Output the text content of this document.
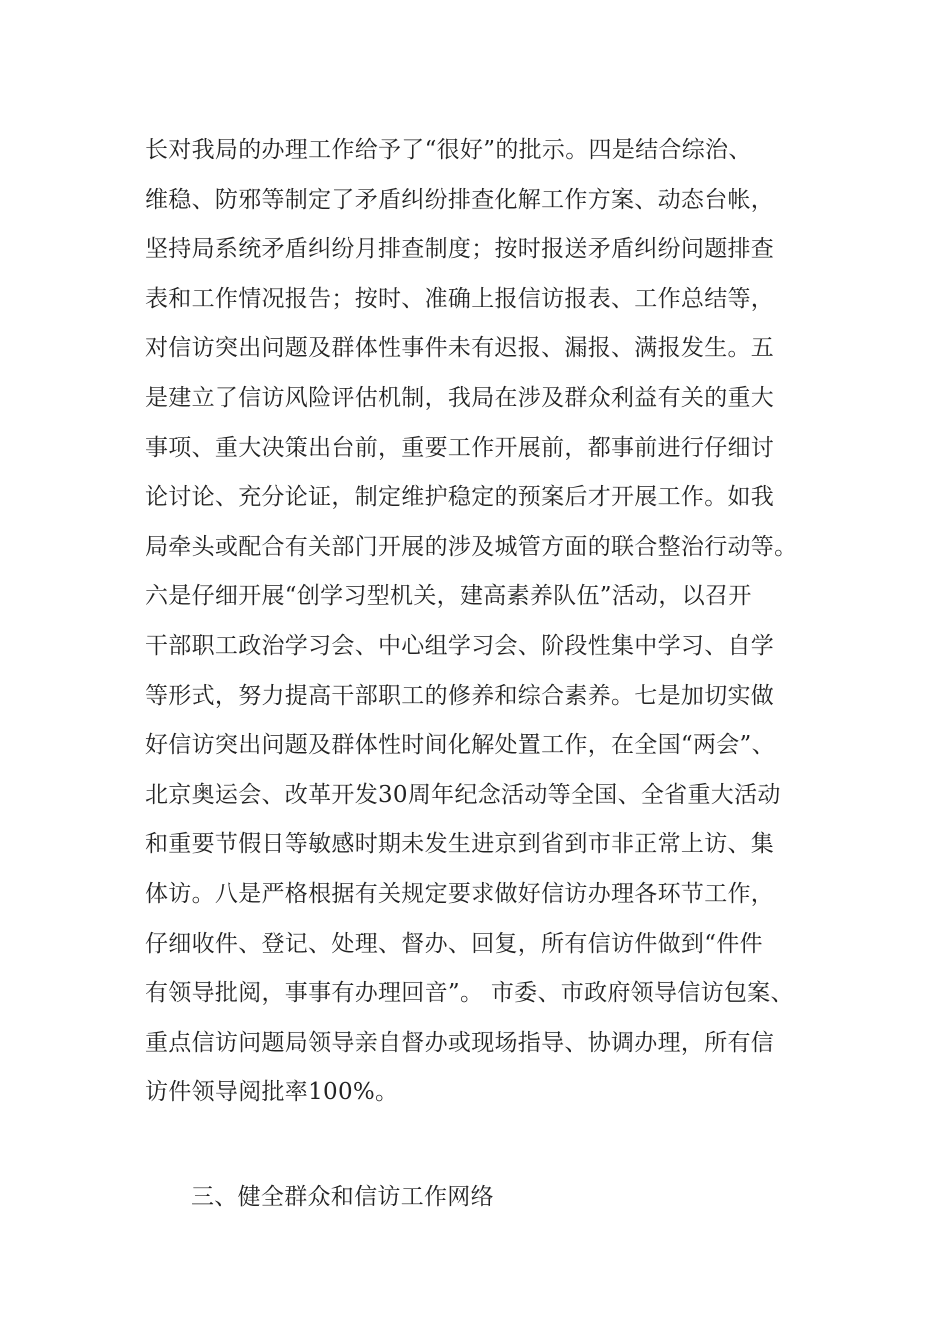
长对我局的办理工作给予了“很好”的批示。四是结合综治、
维稳、防邪等制定了矛盾纠纷排查化解工作方案、动态台帐，
坚持局系统矛盾纠纷月排查制度；按时报送矛盾纠纷问题排查
表和工作情况报告；按时、准确上报信访报表、工作总结等，
对信访突出问题及群体性事件未有迟报、漏报、满报发生。五
是建立了信访风险评估机制，我局在涉及群众利益有关的重大
事项、重大决策出台前，重要工作开展前，都事前进行仔细讨
论讨论、充分论证，制定维护稳定的预案后才开展工作。如我
局牵头或配合有关部门开展的涉及城管方面的联合整治行动等。
六是仔细开展“创学习型机关，建高素养队伍”活动，以召开
干部职工政治学习会、中心组学习会、阶段性集中学习、自学
等形式，努力提高干部职工的修养和综合素养。七是加切实做
好信访突出问题及群体性时间化解处置工作，在全国“两会”、
北京奥运会、改革开发30周年纪念活动等全国、全省重大活动
和重要节假日等敏感时期未发生进京到省到市非正常上访、集
体访。八是严格根据有关规定要求做好信访办理各环节工作，
仔细收件、登记、处理、督办、回复，所有信访件做到“件件
有领导批阅，事事有办理回音”。 市委、市政府领导信访包案、
重点信访问题局领导亲自督办或现场指导、协调办理，所有信
访件领导阅批率100%。
三、健全群众和信访工作网络
